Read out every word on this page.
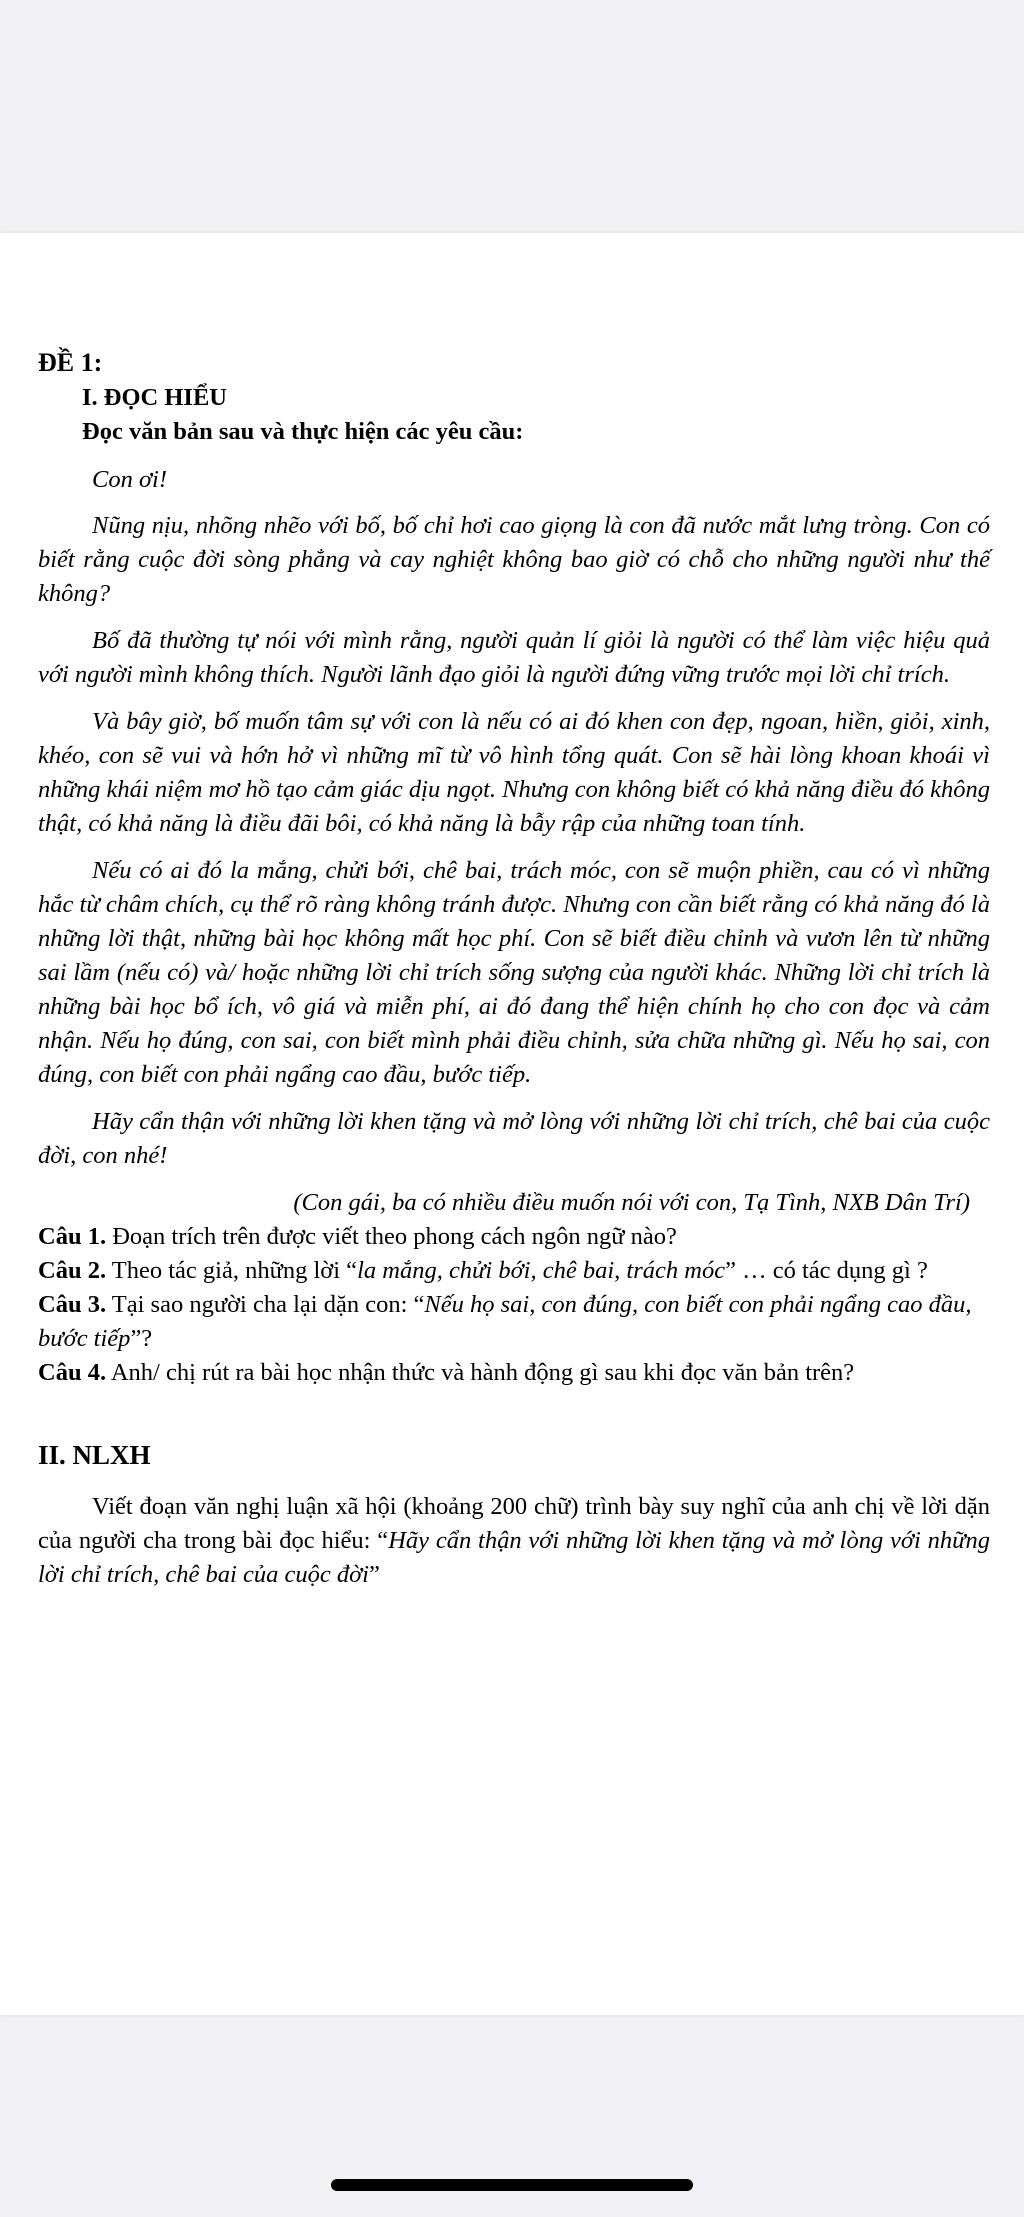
ĐỀ 1:

I. ĐỌC HIỂU

Đọc văn bản sau và thực hiện các yêu cầu:

Con ơi!

Nũng nịu, nhõng nhẽo với bố, bố chỉ hơi cao giọng là con đã nước mắt lưng tròng. Con có biết rằng cuộc đời sòng phẳng và cay nghiệt không bao giờ có chỗ cho những người như thế không?

Bố đã thường tự nói với mình rằng, người quản lí giỏi là người có thể làm việc hiệu quả với người mình không thích. Người lãnh đạo giỏi là người đứng vững trước mọi lời chỉ trích.

Và bây giờ, bố muốn tâm sự với con là nếu có ai đó khen con đẹp, ngoan, hiền, giỏi, xinh, khéo, con sẽ vui và hớn hở vì những mĩ từ vô hình tổng quát. Con sẽ hài lòng khoan khoái vì những khái niệm mơ hồ tạo cảm giác dịu ngọt. Nhưng con không biết có khả năng điều đó không thật, có khả năng là điều đãi bôi, có khả năng là bẫy rập của những toan tính.

Nếu có ai đó la mắng, chửi bới, chê bai, trách móc, con sẽ muộn phiền, cau có vì những hắc từ châm chích, cụ thể rõ ràng không tránh được. Nhưng con cần biết rằng có khả năng đó là những lời thật, những bài học không mất học phí. Con sẽ biết điều chỉnh và vươn lên từ những sai lầm (nếu có) và/ hoặc những lời chỉ trích sống sượng của người khác. Những lời chỉ trích là những bài học bổ ích, vô giá và miễn phí, ai đó đang thể hiện chính họ cho con đọc và cảm nhận. Nếu họ đúng, con sai, con biết mình phải điều chỉnh, sửa chữa những gì. Nếu họ sai, con đúng, con biết con phải ngẩng cao đầu, bước tiếp.

Hãy cẩn thận với những lời khen tặng và mở lòng với những lời chỉ trích, chê bai của cuộc đời, con nhé!

(Con gái, ba có nhiều điều muốn nói với con, Tạ Tình, NXB Dân Trí)

Câu 1. Đoạn trích trên được viết theo phong cách ngôn ngữ nào?

Câu 2. Theo tác giả, những lời “la mắng, chửi bới, chê bai, trách móc” … có tác dụng gì ?

Câu 3. Tại sao người cha lại dặn con: “Nếu họ sai, con đúng, con biết con phải ngẩng cao đầu, bước tiếp”?

Câu 4. Anh/ chị rút ra bài học nhận thức và hành động gì sau khi đọc văn bản trên?

II. NLXH

Viết đoạn văn nghị luận xã hội (khoảng 200 chữ) trình bày suy nghĩ của anh chị về lời dặn của người cha trong bài đọc hiểu: “Hãy cẩn thận với những lời khen tặng và mở lòng với những lời chỉ trích, chê bai của cuộc đời”
